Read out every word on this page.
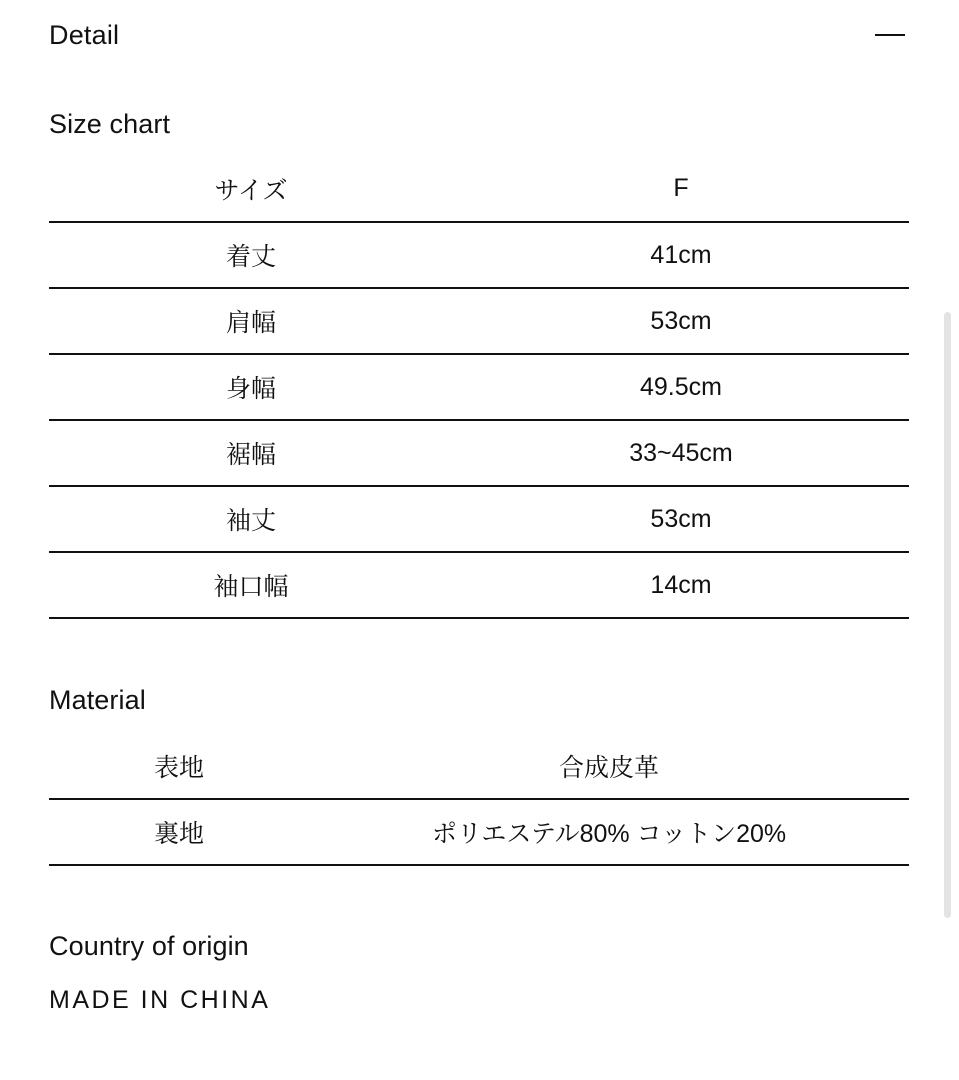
Detail
Size chart
サイズ	F
着丈	41cm
肩幅	53cm
身幅	49.5cm
裾幅	33~45cm
袖丈	53cm
袖口幅	14cm
Material
表地	合成皮革
裏地	ポリエステル80% コットン20%
Country of origin
MADE IN CHINA
